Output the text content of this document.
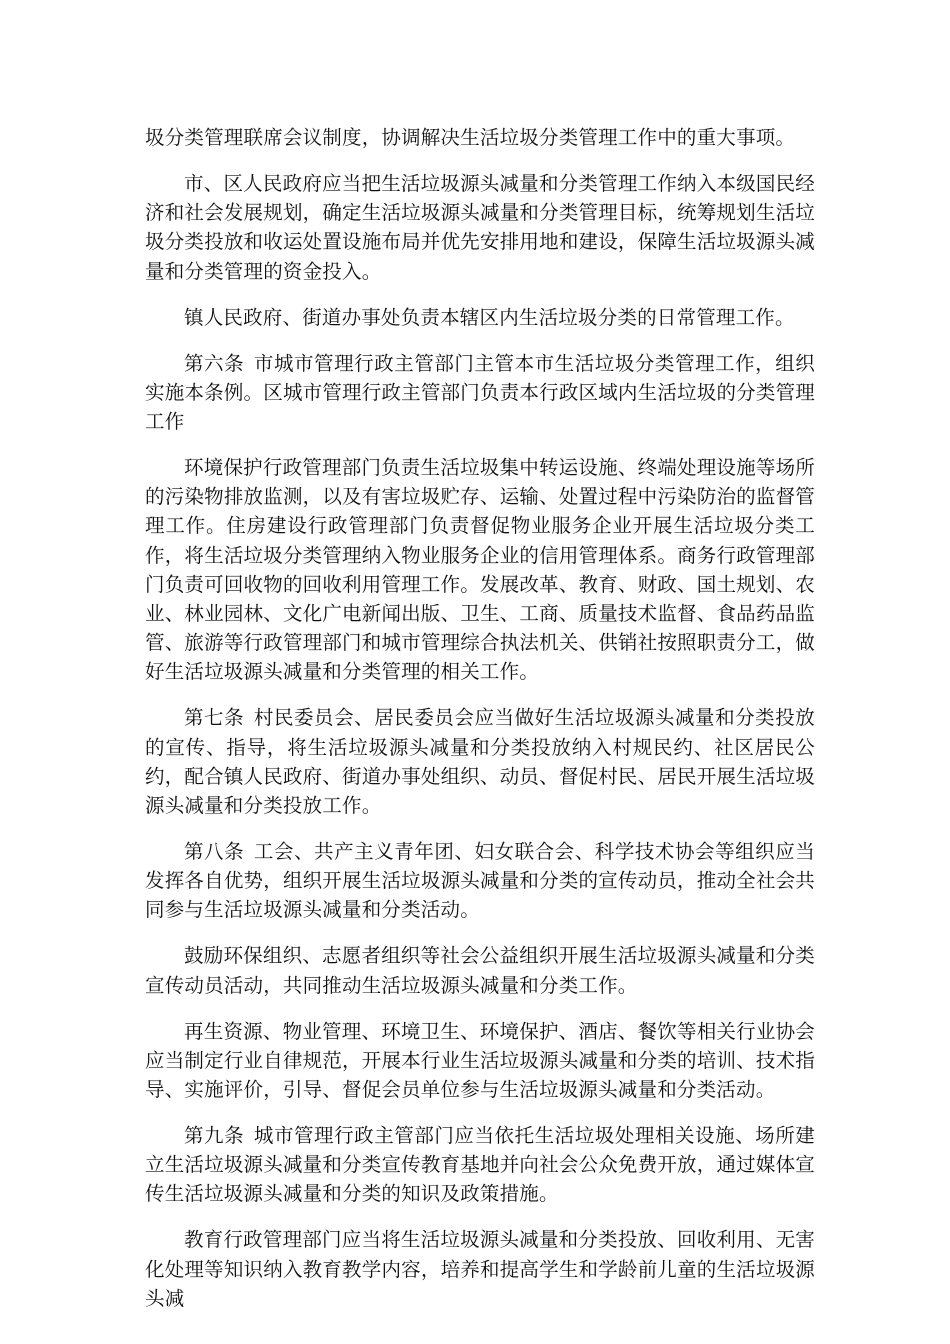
圾分类管理联席会议制度，协调解决生活垃圾分类管理工作中的重大事项。

市、区人民政府应当把生活垃圾源头减量和分类管理工作纳入本级国民经济和社会发展规划，确定生活垃圾源头减量和分类管理目标，统筹规划生活垃圾分类投放和收运处置设施布局并优先安排用地和建设，保障生活垃圾源头减量和分类管理的资金投入。

镇人民政府、街道办事处负责本辖区内生活垃圾分类的日常管理工作。

第六条 市城市管理行政主管部门主管本市生活垃圾分类管理工作，组织实施本条例。区城市管理行政主管部门负责本行政区域内生活垃圾的分类管理工作

环境保护行政管理部门负责生活垃圾集中转运设施、终端处理设施等场所的污染物排放监测，以及有害垃圾贮存、运输、处置过程中污染防治的监督管理工作。住房建设行政管理部门负责督促物业服务企业开展生活垃圾分类工作，将生活垃圾分类管理纳入物业服务企业的信用管理体系。商务行政管理部门负责可回收物的回收利用管理工作。发展改革、教育、财政、国土规划、农业、林业园林、文化广电新闻出版、卫生、工商、质量技术监督、食品药品监管、旅游等行政管理部门和城市管理综合执法机关、供销社按照职责分工，做好生活垃圾源头减量和分类管理的相关工作。

第七条 村民委员会、居民委员会应当做好生活垃圾源头减量和分类投放的宣传、指导，将生活垃圾源头减量和分类投放纳入村规民约、社区居民公约，配合镇人民政府、街道办事处组织、动员、督促村民、居民开展生活垃圾源头减量和分类投放工作。

第八条 工会、共产主义青年团、妇女联合会、科学技术协会等组织应当发挥各自优势，组织开展生活垃圾源头减量和分类的宣传动员，推动全社会共同参与生活垃圾源头减量和分类活动。

鼓励环保组织、志愿者组织等社会公益组织开展生活垃圾源头减量和分类宣传动员活动，共同推动生活垃圾源头减量和分类工作。

再生资源、物业管理、环境卫生、环境保护、酒店、餐饮等相关行业协会应当制定行业自律规范，开展本行业生活垃圾源头减量和分类的培训、技术指导、实施评价，引导、督促会员单位参与生活垃圾源头减量和分类活动。

第九条 城市管理行政主管部门应当依托生活垃圾处理相关设施、场所建立生活垃圾源头减量和分类宣传教育基地并向社会公众免费开放，通过媒体宣传生活垃圾源头减量和分类的知识及政策措施。

教育行政管理部门应当将生活垃圾源头减量和分类投放、回收利用、无害化处理等知识纳入教育教学内容，培养和提高学生和学龄前儿童的生活垃圾源头减
